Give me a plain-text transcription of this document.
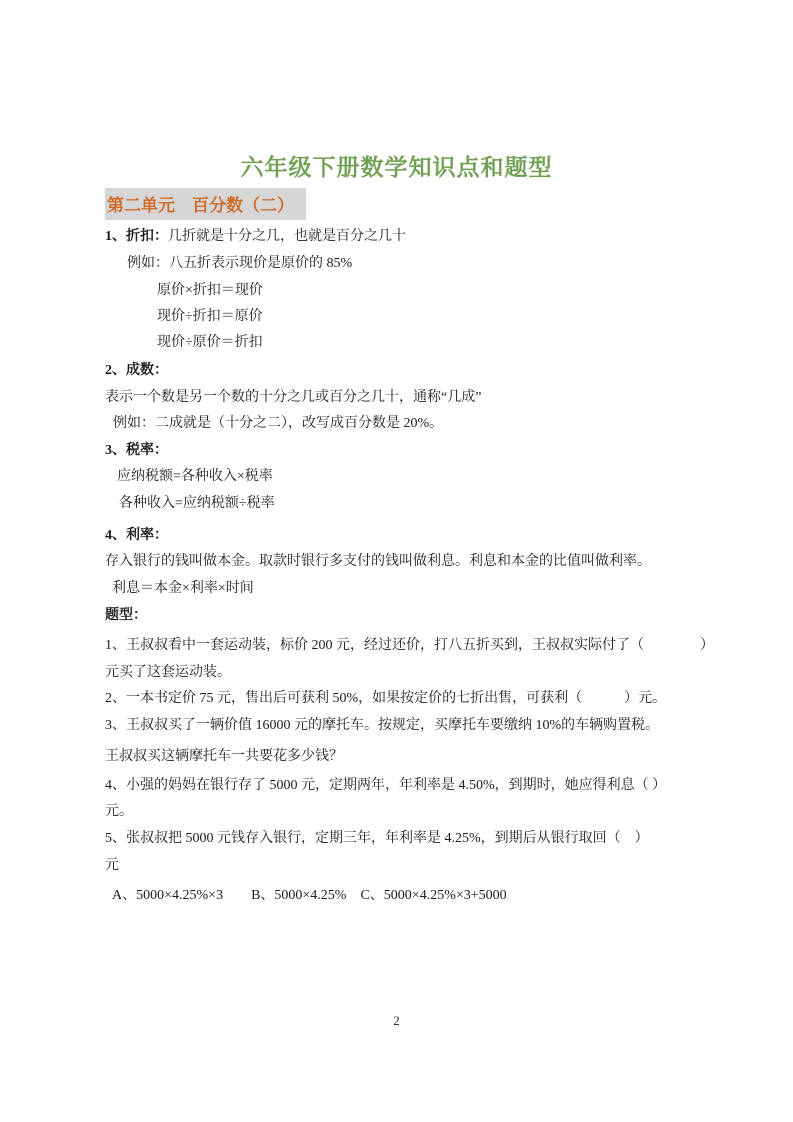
六年级下册数学知识点和题型
第二单元　百分数（二）
1、折扣：几折就是十分之几，也就是百分之几十
例如：八五折表示现价是原价的 85%
原价×折扣＝现价
现价÷折扣＝原价
现价÷原价＝折扣
2、成数：
表示一个数是另一个数的十分之几或百分之几十，通称“几成”
例如：二成就是（十分之二），改写成百分数是 20%。
3、税率：
应纳税额=各种收入×税率
各种收入=应纳税额÷税率
4、利率：
存入银行的钱叫做本金。取款时银行多支付的钱叫做利息。利息和本金的比值叫做利率。
利息＝本金×利率×时间
题型：
1、王叔叔看中一套运动装，标价 200 元，经过还价，打八五折买到，王叔叔实际付了（　　　　）
元买了这套运动装。
2、一本书定价 75 元，售出后可获利 50%，如果按定价的七折出售，可获利（　　　）元。
3、王叔叔买了一辆价值 16000 元的摩托车。按规定，买摩托车要缴纳 10%的车辆购置税。
王叔叔买这辆摩托车一共要花多少钱？
4、小强的妈妈在银行存了 5000 元，定期两年，年利率是 4.50%，到期时，她应得利息（ ）
元。
5、张叔叔把 5000 元钱存入银行，定期三年，年利率是 4.25%，到期后从银行取回（　）
元
A、5000×4.25%×3　　B、5000×4.25%　C、5000×4.25%×3+5000
2
